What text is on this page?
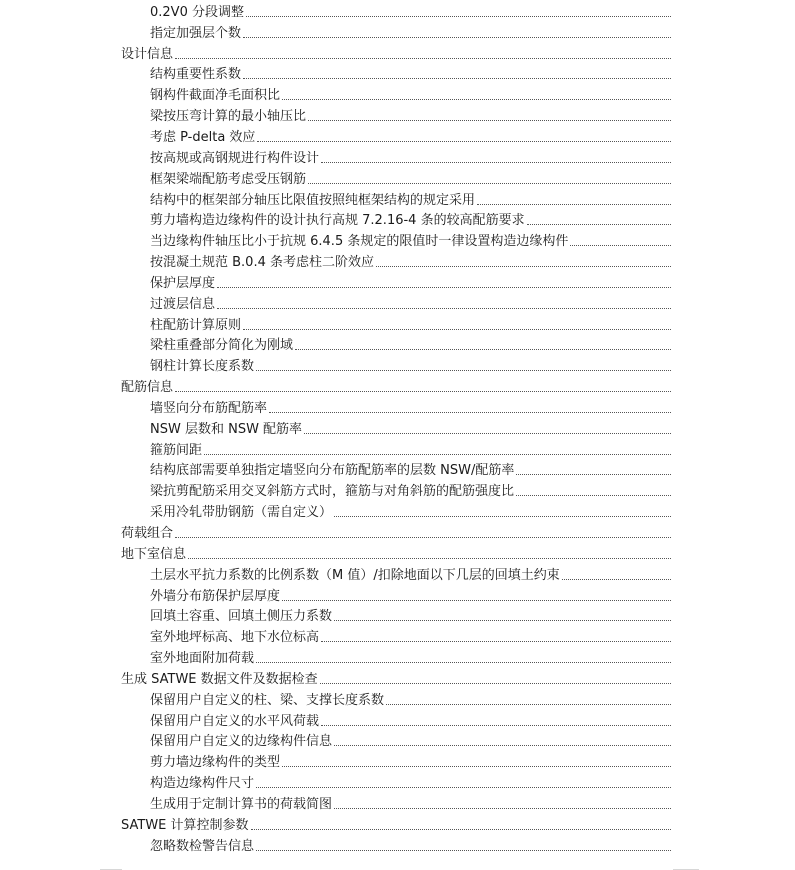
0.2V0 分段调整
指定加强层个数
设计信息
结构重要性系数
钢构件截面净毛面积比
梁按压弯计算的最小轴压比
考虑 P-delta 效应
按高规或高钢规进行构件设计
框架梁端配筋考虑受压钢筋
结构中的框架部分轴压比限值按照纯框架结构的规定采用
剪力墙构造边缘构件的设计执行高规 7.2.16-4 条的较高配筋要求
当边缘构件轴压比小于抗规 6.4.5 条规定的限值时一律设置构造边缘构件
按混凝土规范 B.0.4 条考虑柱二阶效应
保护层厚度
过渡层信息
柱配筋计算原则
梁柱重叠部分简化为刚域
钢柱计算长度系数
配筋信息
墙竖向分布筋配筋率
NSW 层数和 NSW 配筋率
箍筋间距
结构底部需要单独指定墙竖向分布筋配筋率的层数 NSW/配筋率
梁抗剪配筋采用交叉斜筋方式时，箍筋与对角斜筋的配筋强度比
采用冷轧带肋钢筋（需自定义）
荷载组合
地下室信息
土层水平抗力系数的比例系数（M 值）/扣除地面以下几层的回填土约束
外墙分布筋保护层厚度
回填土容重、回填土侧压力系数
室外地坪标高、地下水位标高
室外地面附加荷载
生成 SATWE 数据文件及数据检查
保留用户自定义的柱、梁、支撑长度系数
保留用户自定义的水平风荷载
保留用户自定义的边缘构件信息
剪力墙边缘构件的类型
构造边缘构件尺寸
生成用于定制计算书的荷载简图
SATWE 计算控制参数
忽略数检警告信息
